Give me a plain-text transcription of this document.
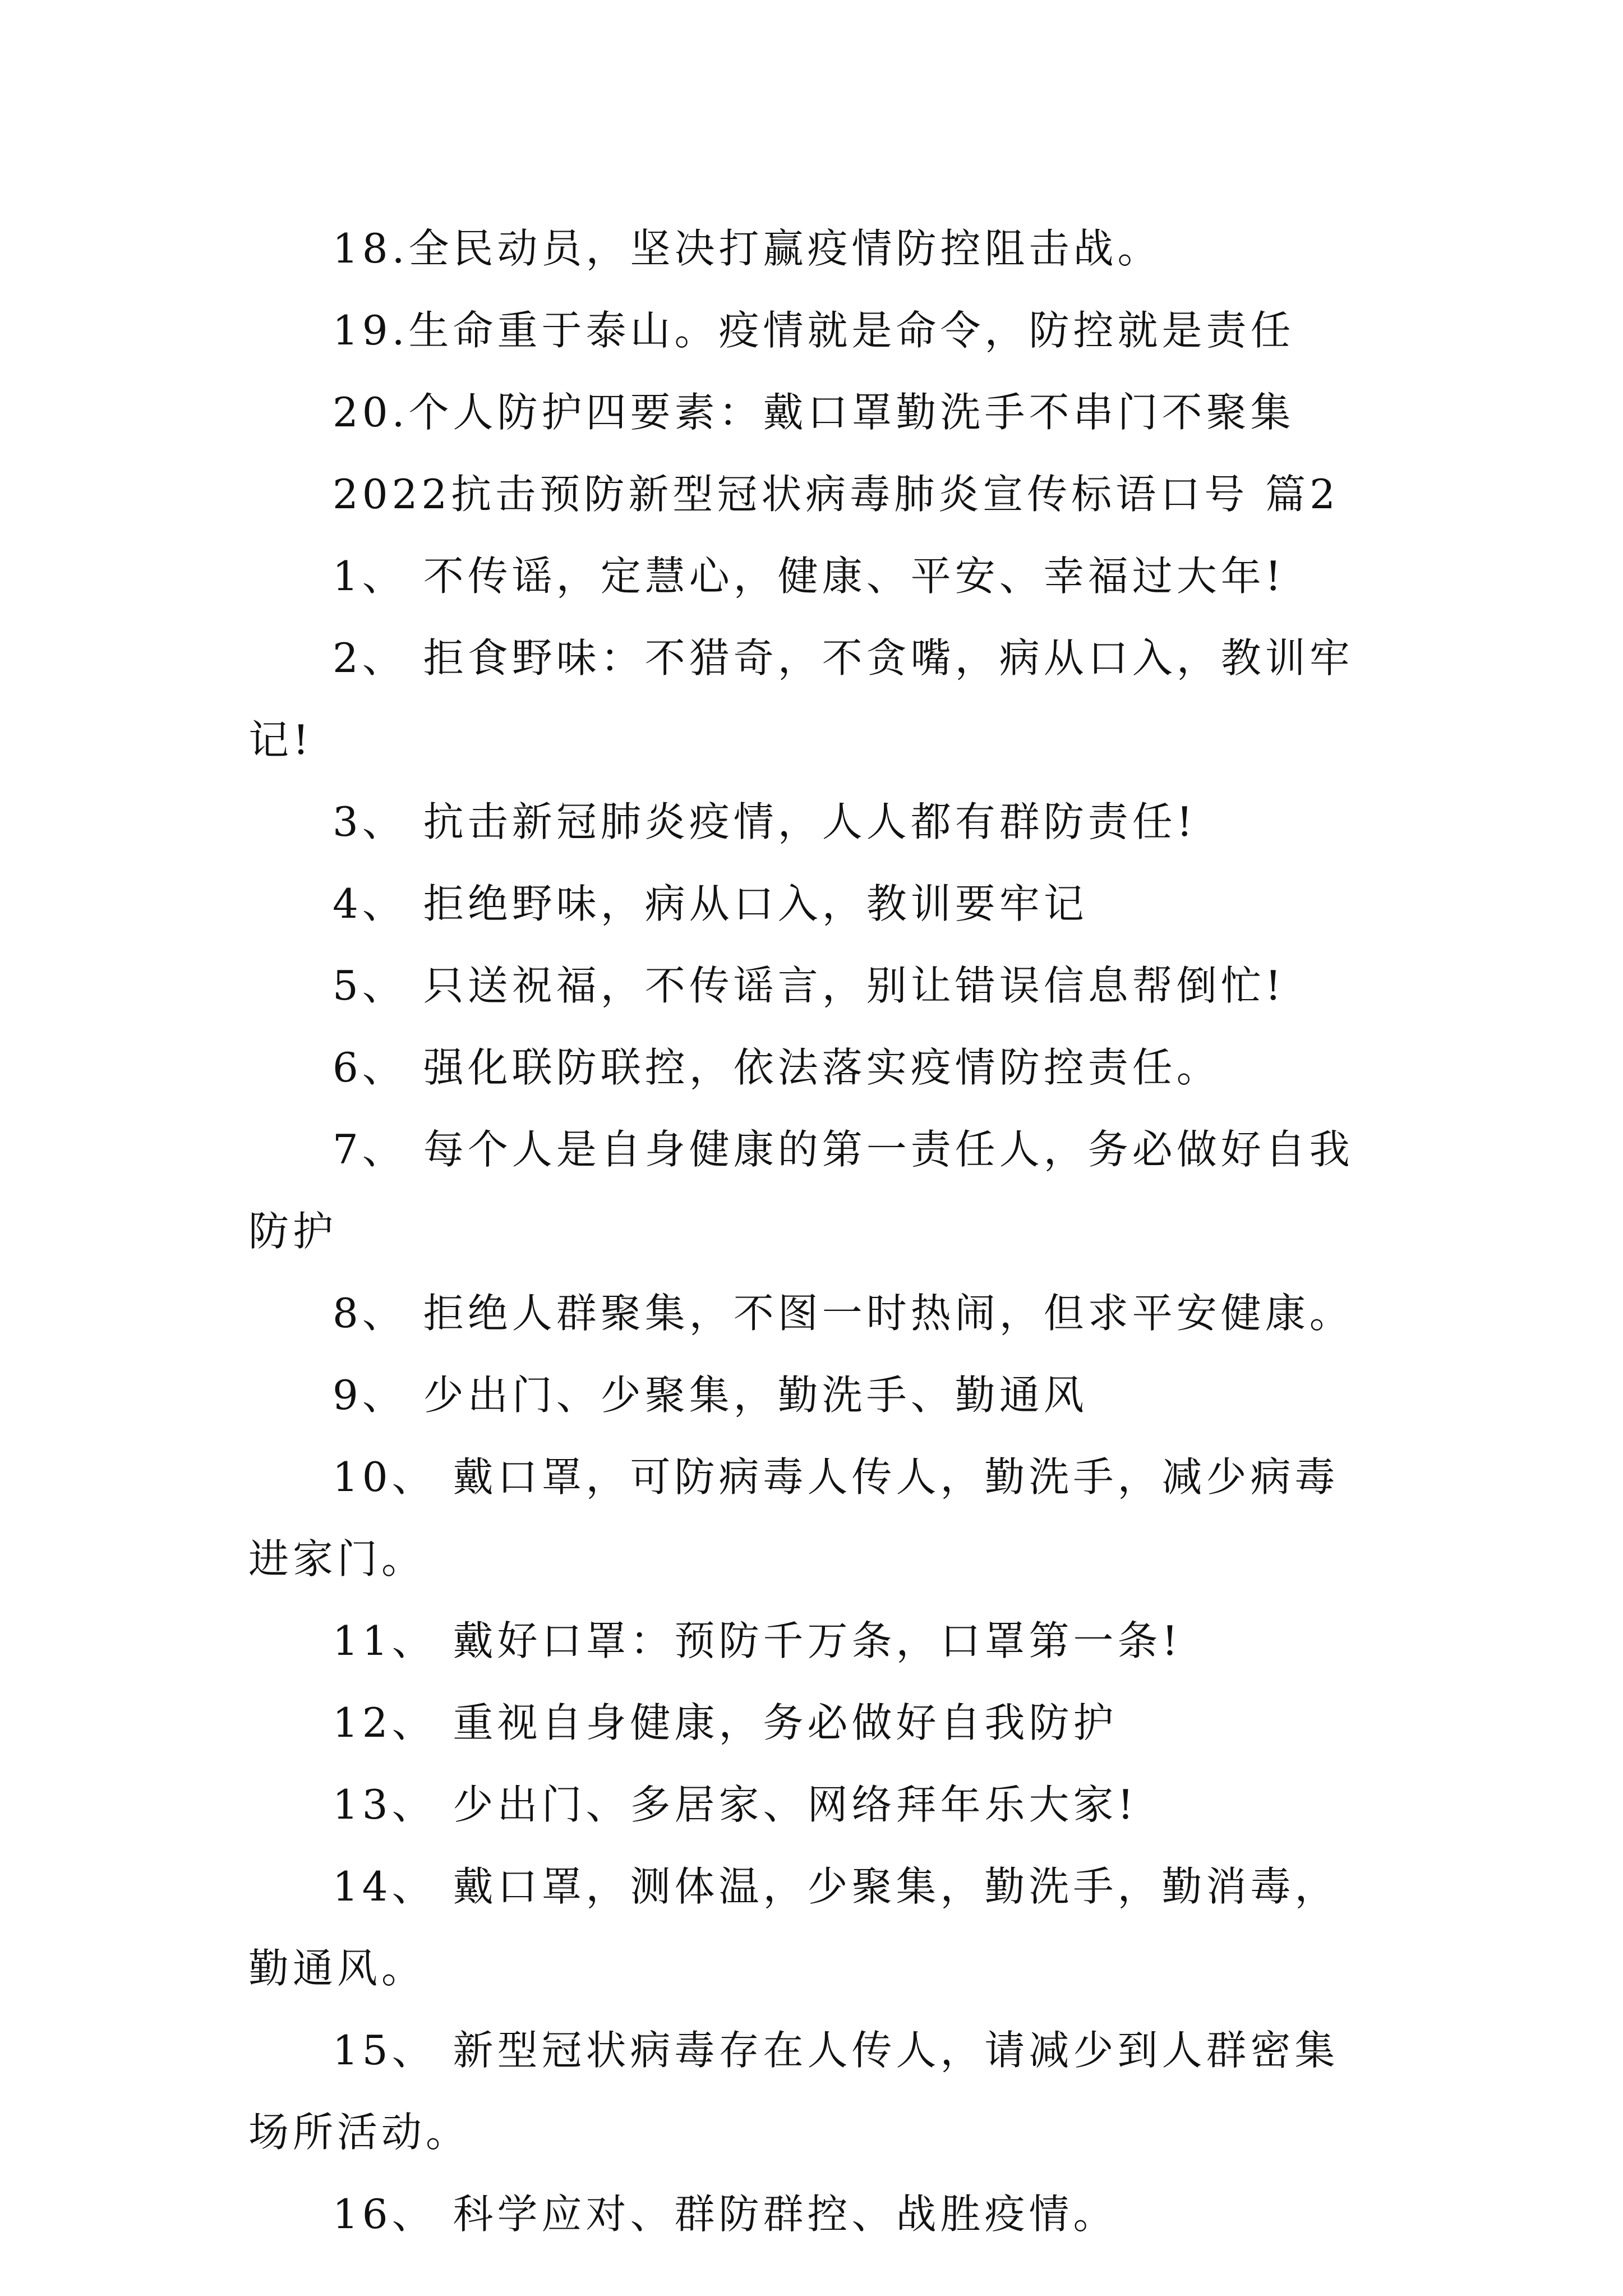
18.全民动员，坚决打赢疫情防控阻击战。

19.生命重于泰山。疫情就是命令，防控就是责任

20.个人防护四要素：戴口罩勤洗手不串门不聚集

2022抗击预防新型冠状病毒肺炎宣传标语口号 篇2

1、 不传谣，定慧心，健康、平安、幸福过大年!

2、 拒食野味：不猎奇，不贪嘴，病从口入，教训牢记!

3、 抗击新冠肺炎疫情，人人都有群防责任!

4、 拒绝野味，病从口入，教训要牢记

5、 只送祝福，不传谣言，别让错误信息帮倒忙!

6、 强化联防联控，依法落实疫情防控责任。

7、 每个人是自身健康的第一责任人，务必做好自我防护

8、 拒绝人群聚集，不图一时热闹，但求平安健康。

9、 少出门、少聚集，勤洗手、勤通风

10、 戴口罩，可防病毒人传人，勤洗手，减少病毒进家门。

11、 戴好口罩：预防千万条，口罩第一条!

12、 重视自身健康，务必做好自我防护

13、 少出门、多居家、网络拜年乐大家!

14、 戴口罩，测体温，少聚集，勤洗手，勤消毒，勤通风。

15、 新型冠状病毒存在人传人，请减少到人群密集场所活动。

16、 科学应对、群防群控、战胜疫情。
